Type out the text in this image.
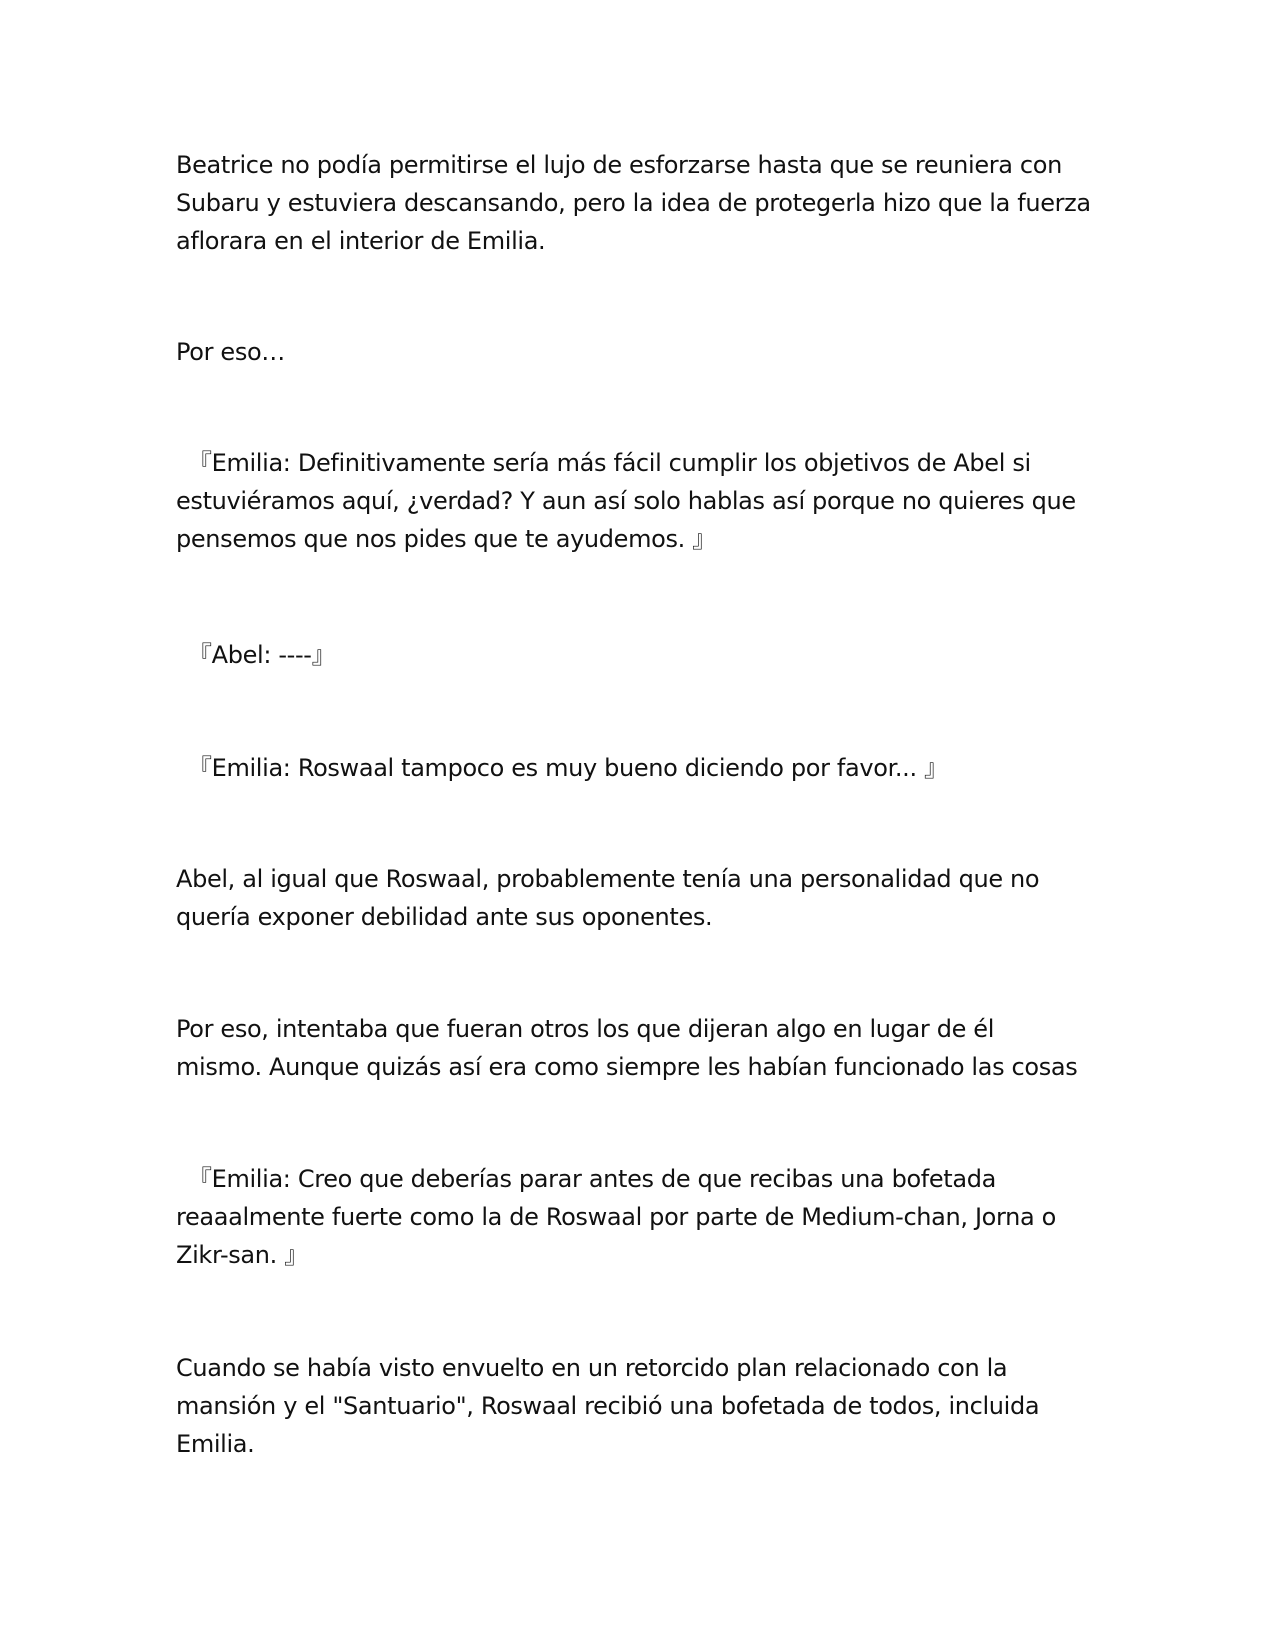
Beatrice no podía permitirse el lujo de esforzarse hasta que se reuniera con
Subaru y estuviera descansando, pero la idea de protegerla hizo que la fuerza
aflorara en el interior de Emilia.

Por eso…

『Emilia: Definitivamente sería más fácil cumplir los objetivos de Abel si
estuviéramos aquí, ¿verdad? Y aun así solo hablas así porque no quieres que
pensemos que nos pides que te ayudemos. 』

『Abel: ----』

『Emilia: Roswaal tampoco es muy bueno diciendo por favor... 』

Abel, al igual que Roswaal, probablemente tenía una personalidad que no
quería exponer debilidad ante sus oponentes.

Por eso, intentaba que fueran otros los que dijeran algo en lugar de él
mismo. Aunque quizás así era como siempre les habían funcionado las cosas

『Emilia: Creo que deberías parar antes de que recibas una bofetada
reaaalmente fuerte como la de Roswaal por parte de Medium-chan, Jorna o
Zikr-san. 』

Cuando se había visto envuelto en un retorcido plan relacionado con la
mansión y el "Santuario", Roswaal recibió una bofetada de todos, incluida
Emilia.
